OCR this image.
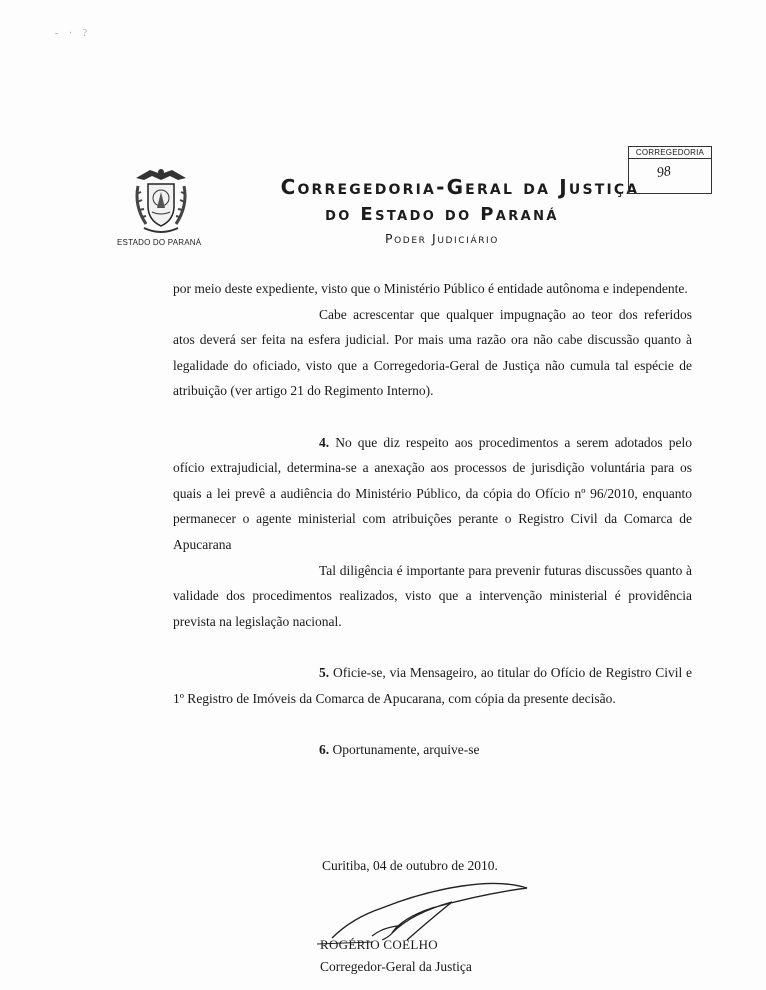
- · ?
ESTADO DO PARANÁ
Corregedoria-Geral da Justiça
do Estado do Paraná
Poder Judiciário
CORREGEDORIA
98

por meio deste expediente, visto que o Ministério Público é entidade autônoma e independente.

Cabe acrescentar que qualquer impugnação ao teor dos referidos atos deverá ser feita na esfera judicial. Por mais uma razão ora não cabe discussão quanto à legalidade do oficiado, visto que a Corregedoria-Geral de Justiça não cumula tal espécie de atribuição (ver artigo 21 do Regimento Interno).

4. No que diz respeito aos procedimentos a serem adotados pelo ofício extrajudicial, determina-se a anexação aos processos de jurisdição voluntária para os quais a lei prevê a audiência do Ministério Público, da cópia do Ofício nº 96/2010, enquanto permanecer o agente ministerial com atribuições perante o Registro Civil da Comarca de Apucarana

Tal diligência é importante para prevenir futuras discussões quanto à validade dos procedimentos realizados, visto que a intervenção ministerial é providência prevista na legislação nacional.

5. Oficie-se, via Mensageiro, ao titular do Ofício de Registro Civil e 1º Registro de Imóveis da Comarca de Apucarana, com cópia da presente decisão.

6. Oportunamente, arquive-se

Curitiba, 04 de outubro de 2010.
ROGÉRIO COELHO
Corregedor-Geral da Justiça
